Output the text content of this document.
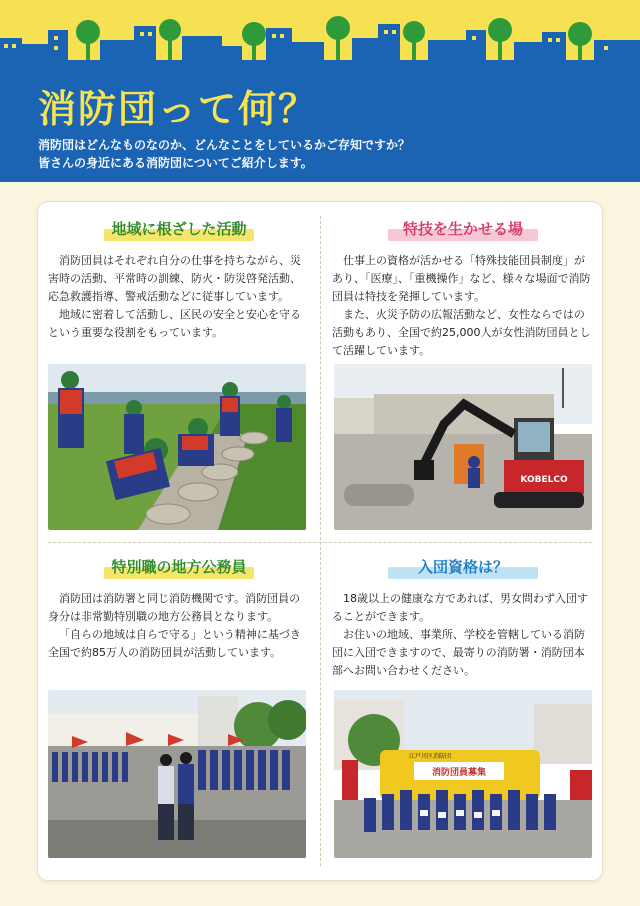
消防団って何？

消防団はどんなものなのか、どんなことをしているかご存知ですか？

皆さんの身近にある消防団についてご紹介します。

地域に根ざした活動

消防団員はそれぞれ自分の仕事を持ちながら、災害時の活動、平常時の訓練、防火・防災啓発活動、応急救護指導、警戒活動などに従事しています。

地域に密着して活動し、区民の安全と安心を守るという重要な役割をもっています。

特技を生かせる場

仕事上の資格が活かせる「特殊技能団員制度」があり、「医療」、「重機操作」など、様々な場面で消防団員は特技を発揮しています。

また、火災予防の広報活動など、女性ならではの活動もあり、全国で約25,000人が女性消防団員として活躍しています。

特別職の地方公務員

消防団は消防署と同じ消防機関です。消防団員の身分は非常勤特別職の地方公務員となります。

「自らの地域は自らで守る」という精神に基づき全国で約85万人の消防団員が活動しています。

入団資格は？

18歳以上の健康な方であれば、男女問わず入団することができます。

お住いの地域、事業所、学校を管轄している消防団に入団できますので、最寄りの消防署・消防団本部へお問い合わせください。

KOBELCO
消防団員募集
江戸川区消防団
